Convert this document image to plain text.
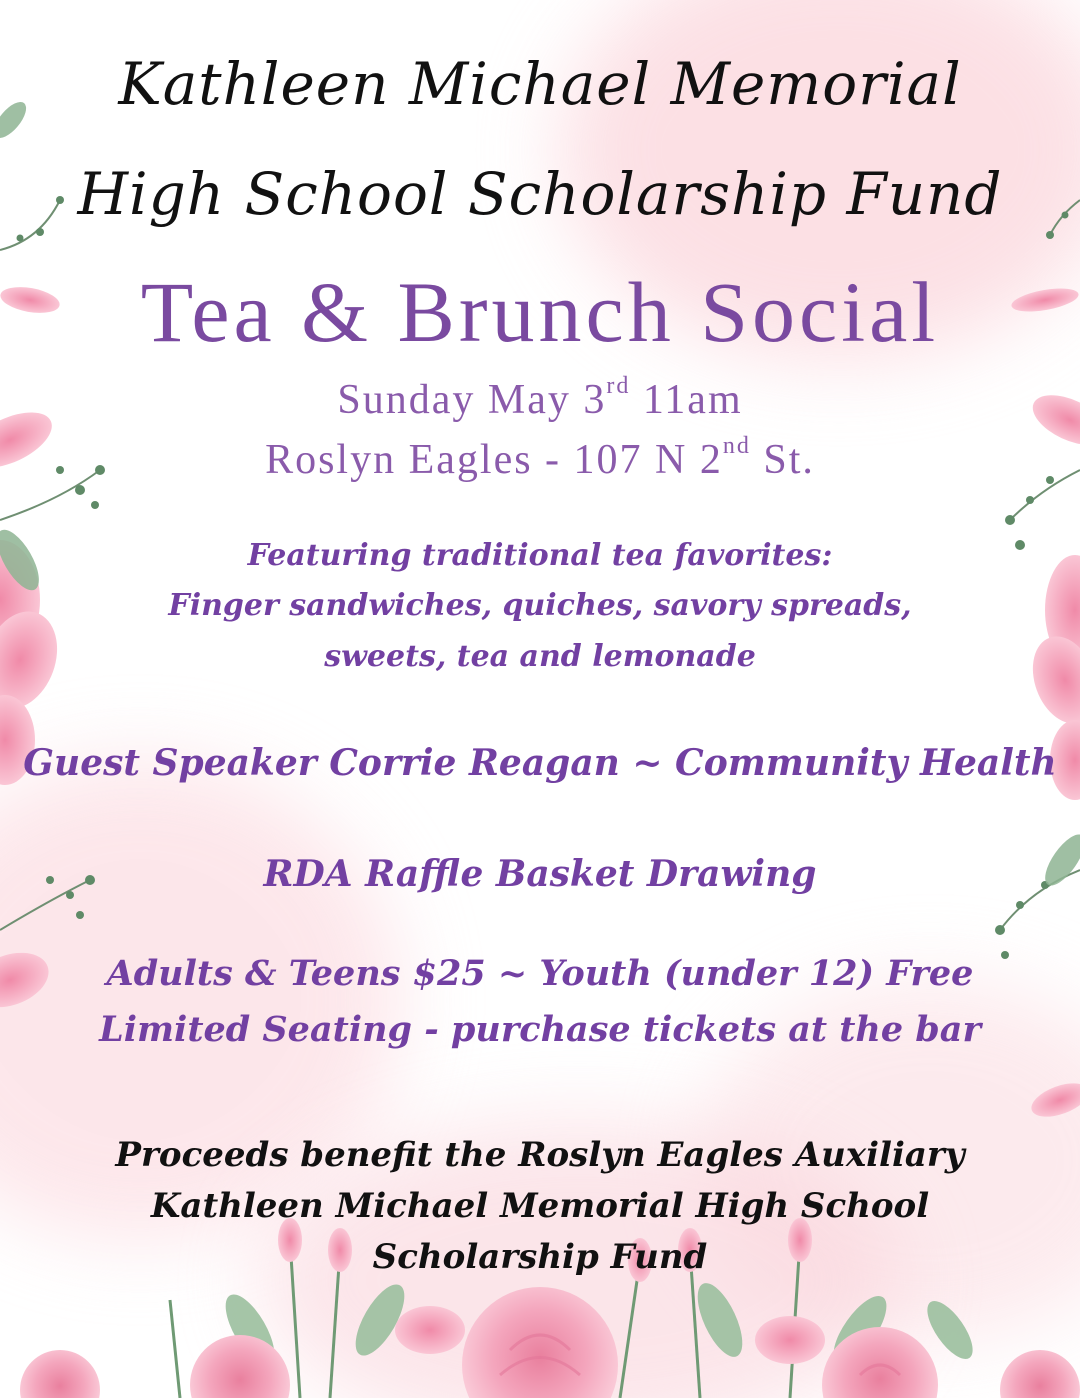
Kathleen Michael Memorial

High School Scholarship Fund

Tea & Brunch Social

Sunday May 3rd 11am

Roslyn Eagles - 107 N 2nd St.

Featuring traditional tea favorites:

Finger sandwiches, quiches, savory spreads,

sweets, tea and lemonade

Guest Speaker Corrie Reagan ~ Community Health

RDA Raffle Basket Drawing

Adults & Teens $25 ~ Youth (under 12) Free

Limited Seating - purchase tickets at the bar

Proceeds benefit the Roslyn Eagles Auxiliary

Kathleen Michael Memorial High School

Scholarship Fund
